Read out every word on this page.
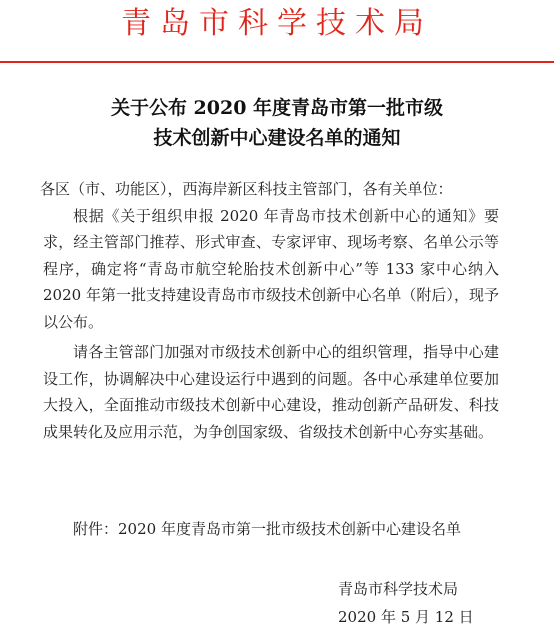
青岛市科学技术局
关于公布 2020 年度青岛市第一批市级
技术创新中心建设名单的通知

各区（市、功能区），西海岸新区科技主管部门，各有关单位：

根据《关于组织申报 2020 年青岛市技术创新中心的通知》要求，经主管部门推荐、形式审查、专家评审、现场考察、名单公示等程序，确定将“青岛市航空轮胎技术创新中心”等 133 家中心纳入 2020 年第一批支持建设青岛市市级技术创新中心名单（附后），现予以公布。

请各主管部门加强对市级技术创新中心的组织管理，指导中心建设工作，协调解决中心建设运行中遇到的问题。各中心承建单位要加大投入，全面推动市级技术创新中心建设，推动创新产品研发、科技成果转化及应用示范，为争创国家级、省级技术创新中心夯实基础。

附件：2020 年度青岛市第一批市级技术创新中心建设名单
青岛市科学技术局
2020 年 5 月 12 日
